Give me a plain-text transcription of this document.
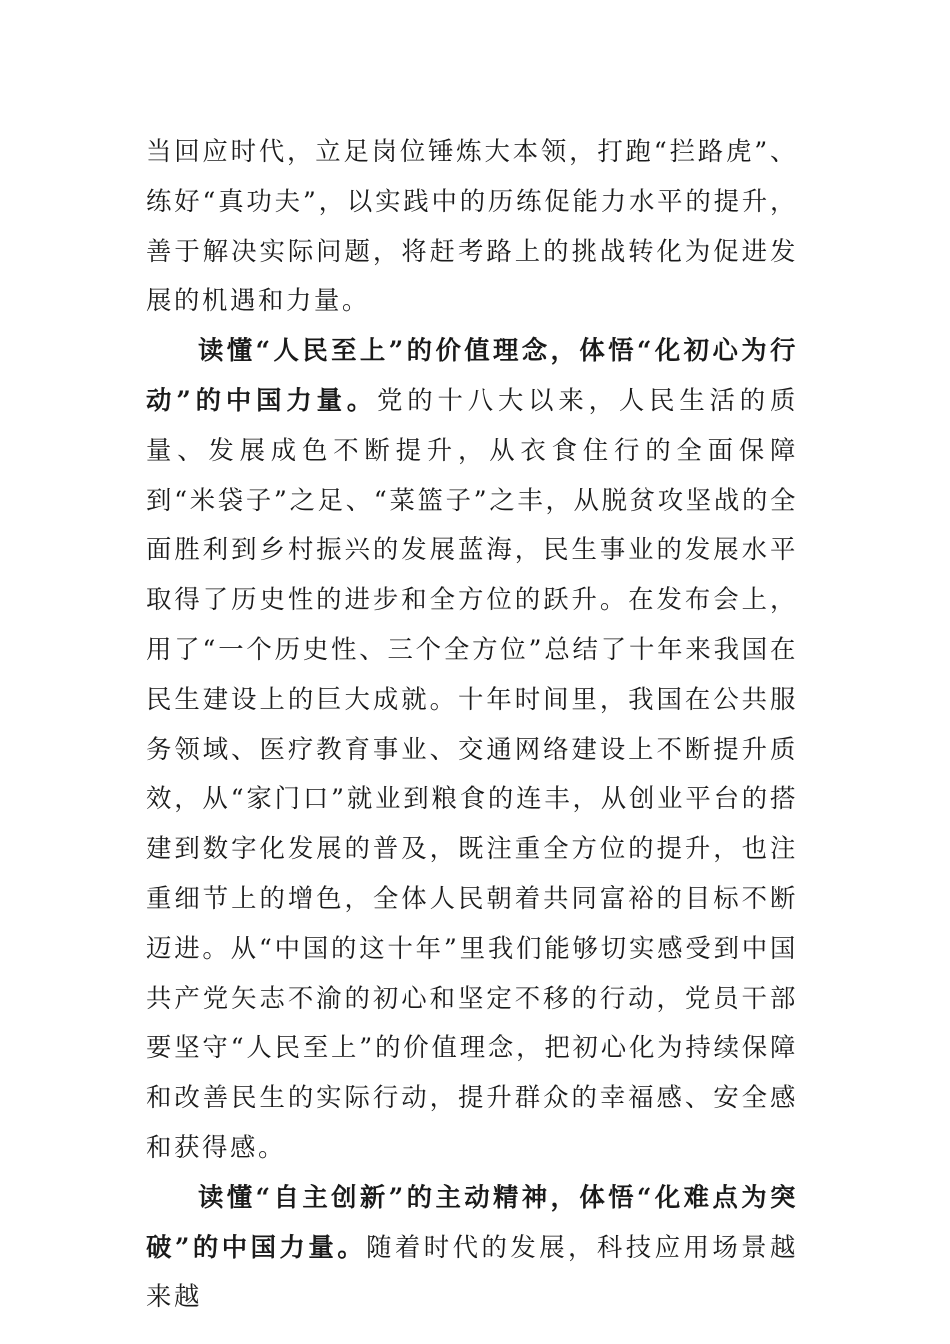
当回应时代，立足岗位锤炼大本领，打跑“拦路虎”、练好“真功夫”，以实践中的历练促能力水平的提升，善于解决实际问题，将赶考路上的挑战转化为促进发展的机遇和力量。

读懂“人民至上”的价值理念，体悟“化初心为行动”的中国力量。党的十八大以来，人民生活的质量、发展成色不断提升，从衣食住行的全面保障到“米袋子”之足、“菜篮子”之丰，从脱贫攻坚战的全面胜利到乡村振兴的发展蓝海，民生事业的发展水平取得了历史性的进步和全方位的跃升。在发布会上，用了“一个历史性、三个全方位”总结了十年来我国在民生建设上的巨大成就。十年时间里，我国在公共服务领域、医疗教育事业、交通网络建设上不断提升质效，从“家门口”就业到粮食的连丰，从创业平台的搭建到数字化发展的普及，既注重全方位的提升，也注重细节上的增色，全体人民朝着共同富裕的目标不断迈进。从“中国的这十年”里我们能够切实感受到中国共产党矢志不渝的初心和坚定不移的行动，党员干部要坚守“人民至上”的价值理念，把初心化为持续保障和改善民生的实际行动，提升群众的幸福感、安全感和获得感。

读懂“自主创新”的主动精神，体悟“化难点为突破”的中国力量。随着时代的发展，科技应用场景越来越
